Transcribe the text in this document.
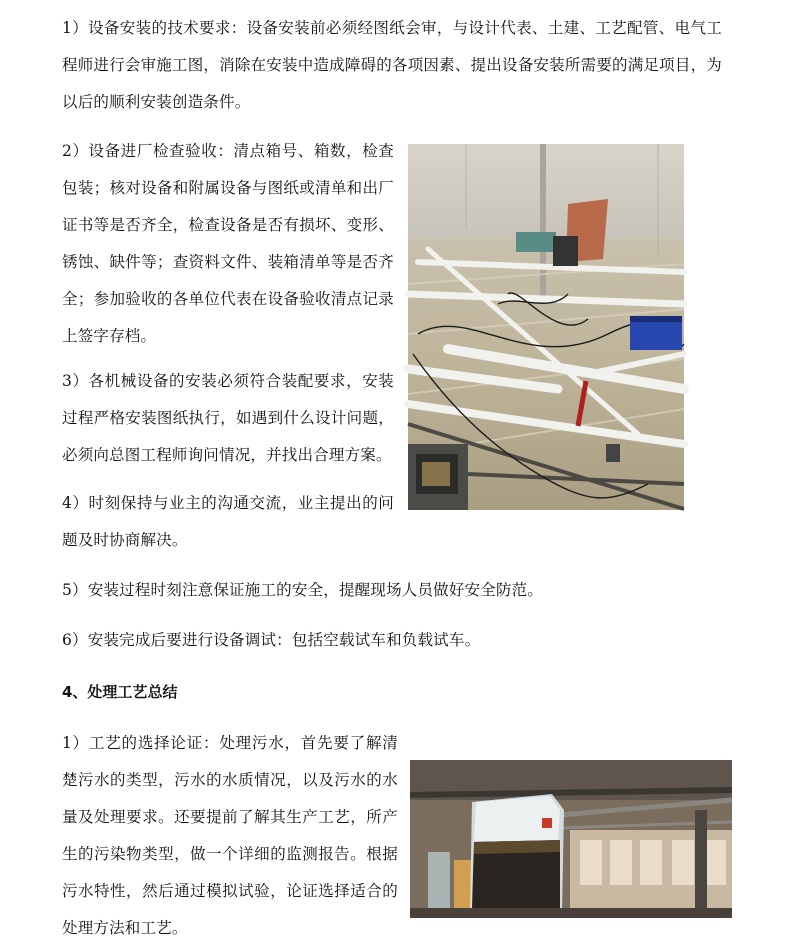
1）设备安装的技术要求：设备安装前必须经图纸会审，与设计代表、土建、工艺配管、电气工程师进行会审施工图，消除在安装中造成障碍的各项因素、提出设备安装所需要的满足项目，为以后的顺利安装创造条件。

2）设备进厂检查验收：清点箱号、箱数，检查包装；核对设备和附属设备与图纸或清单和出厂证书等是否齐全，检查设备是否有损坏、变形、锈蚀、缺件等；查资料文件、装箱清单等是否齐全；参加验收的各单位代表在设备验收清点记录上签字存档。

3）各机械设备的安装必须符合装配要求，安装过程严格安装图纸执行，如遇到什么设计问题，必须向总图工程师询问情况，并找出合理方案。

4）时刻保持与业主的沟通交流，业主提出的问题及时协商解决。

5）安装过程时刻注意保证施工的安全，提醒现场人员做好安全防范。

6）安装完成后要进行设备调试：包括空载试车和负载试车。

4、处理工艺总结

1）工艺的选择论证：处理污水，首先要了解清楚污水的类型，污水的水质情况，以及污水的水量及处理要求。还要提前了解其生产工艺，所产生的污染物类型，做一个详细的监测报告。根据污水特性，然后通过模拟试验，论证选择适合的处理方法和工艺。
